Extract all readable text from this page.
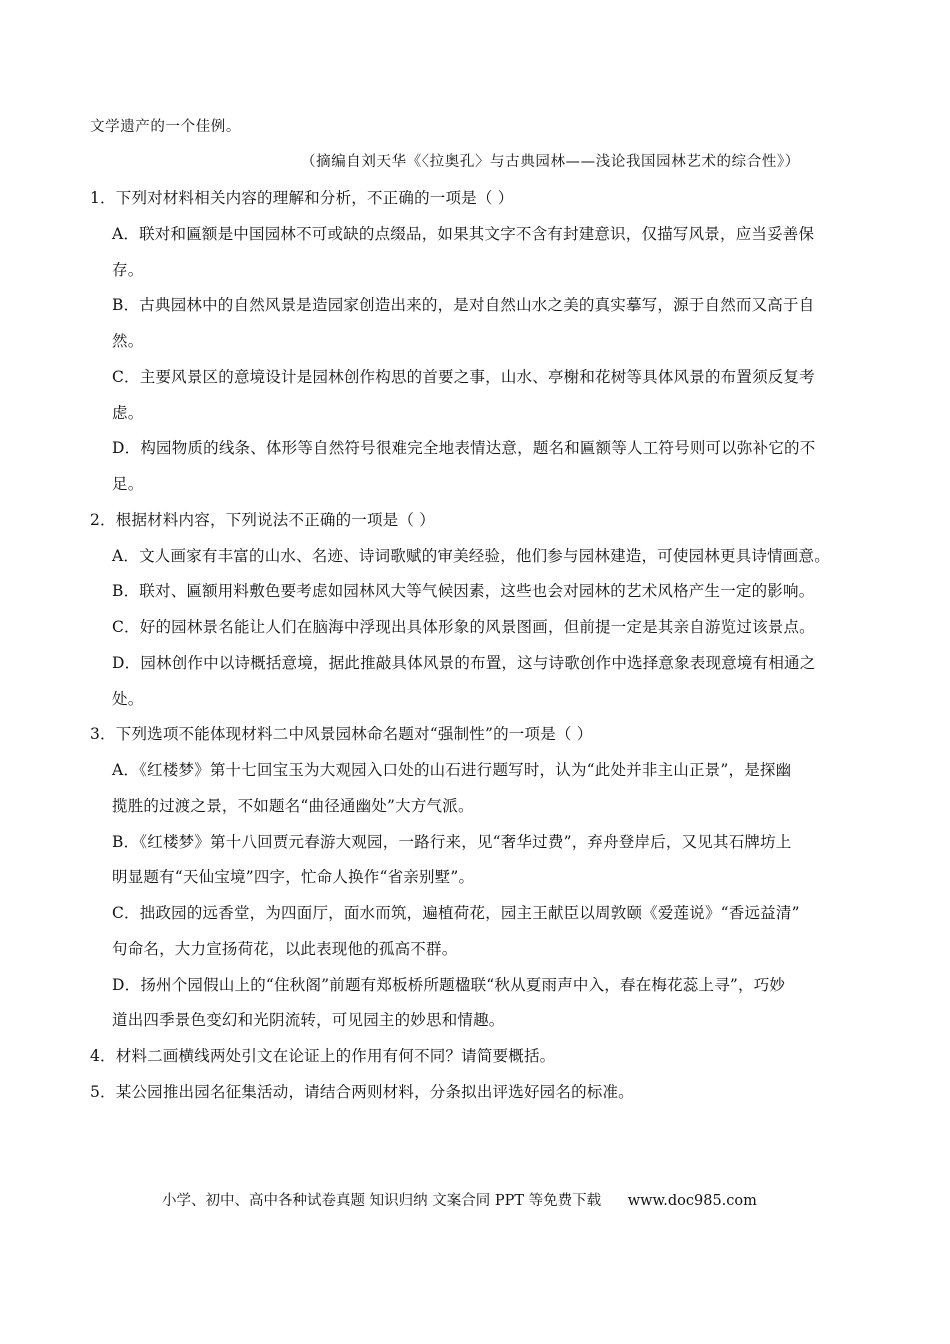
文学遗产的一个佳例。
（摘编自刘天华《〈拉奥孔〉与古典园林——浅论我国园林艺术的综合性》）
1．下列对材料相关内容的理解和分析，不正确的一项是（ ）
A．联对和匾额是中国园林不可或缺的点缀品，如果其文字不含有封建意识，仅描写风景，应当妥善保
存。
B．古典园林中的自然风景是造园家创造出来的，是对自然山水之美的真实摹写，源于自然而又高于自
然。
C．主要风景区的意境设计是园林创作构思的首要之事，山水、亭榭和花树等具体风景的布置须反复考
虑。
D．构园物质的线条、体形等自然符号很难完全地表情达意，题名和匾额等人工符号则可以弥补它的不
足。
2．根据材料内容，下列说法不正确的一项是（ ）
A．文人画家有丰富的山水、名迹、诗词歌赋的审美经验，他们参与园林建造，可使园林更具诗情画意。
B．联对、匾额用料敷色要考虑如园林风大等气候因素，这些也会对园林的艺术风格产生一定的影响。
C．好的园林景名能让人们在脑海中浮现出具体形象的风景图画，但前提一定是其亲自游览过该景点。
D．园林创作中以诗概括意境，据此推敲具体风景的布置，这与诗歌创作中选择意象表现意境有相通之
处。
3．下列选项不能体现材料二中风景园林命名题对“强制性”的一项是（ ）
A．《红楼梦》第十七回宝玉为大观园入口处的山石进行题写时，认为“此处并非主山正景”，是探幽
揽胜的过渡之景，不如题名“曲径通幽处”大方气派。
B．《红楼梦》第十八回贾元春游大观园，一路行来，见“奢华过费”，弃舟登岸后，又见其石牌坊上
明显题有“天仙宝境”四字，忙命人换作“省亲别墅”。
C．拙政园的远香堂，为四面厅，面水而筑，遍植荷花，园主王献臣以周敦颐《爱莲说》“香远益清”
句命名，大力宣扬荷花，以此表现他的孤高不群。
D．扬州个园假山上的“住秋阁”前题有郑板桥所题楹联“秋从夏雨声中入，春在梅花蕊上寻”，巧妙
道出四季景色变幻和光阴流转，可见园主的妙思和情趣。
4．材料二画横线两处引文在论证上的作用有何不同？请简要概括。
5．某公园推出园名征集活动，请结合两则材料，分条拟出评选好园名的标准。
小学、初中、高中各种试卷真题 知识归纳 文案合同 PPT 等免费下载 www.doc985.com
